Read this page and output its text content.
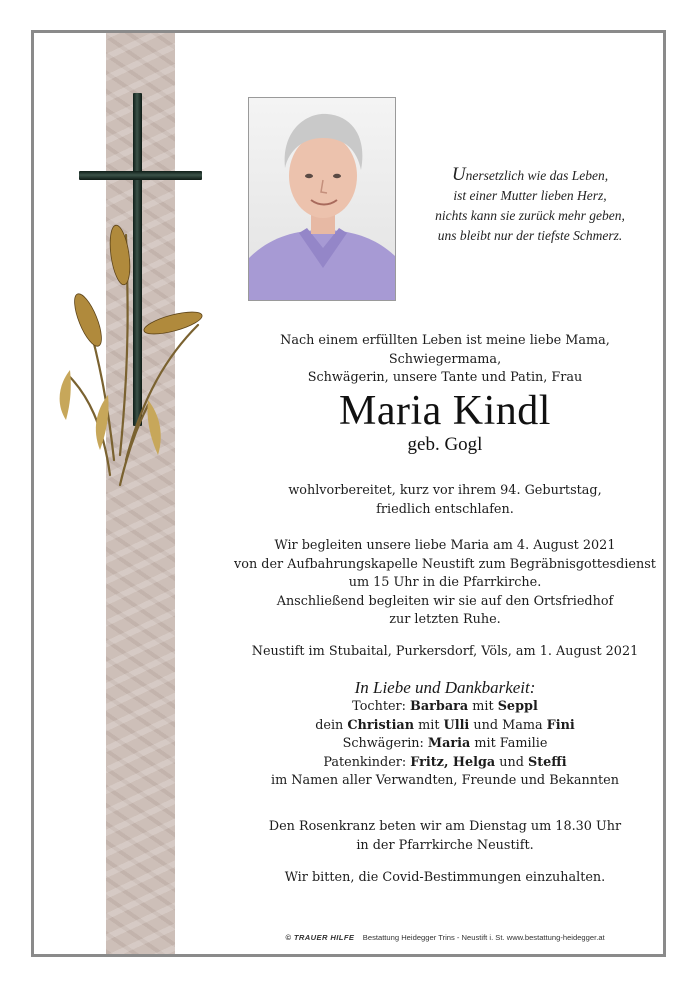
Unersetzlich wie das Leben,
ist einer Mutter lieben Herz,
nichts kann sie zurück mehr geben,
uns bleibt nur der tiefste Schmerz.
Nach einem erfüllten Leben ist meine liebe Mama, Schwiegermama,
Schwägerin, unsere Tante und Patin, Frau
Maria Kindl
geb. Gogl
wohlvorbereitet, kurz vor ihrem 94. Geburtstag,
friedlich entschlafen.
Wir begleiten unsere liebe Maria am 4. August 2021
von der Aufbahrungskapelle Neustift zum Begräbnisgottesdienst
um 15 Uhr in die Pfarrkirche.
Anschließend begleiten wir sie auf den Ortsfriedhof
zur letzten Ruhe.
Neustift im Stubaital, Purkersdorf, Völs, am 1. August 2021
In Liebe und Dankbarkeit:
Tochter: Barbara mit Seppl
dein Christian mit Ulli und Mama Fini
Schwägerin: Maria mit Familie
Patenkinder: Fritz, Helga und Steffi
im Namen aller Verwandten, Freunde und Bekannten
Den Rosenkranz beten wir am Dienstag um 18.30 Uhr
in der Pfarrkirche Neustift.
Wir bitten, die Covid-Bestimmungen einzuhalten.
© TRAUER HILFE Bestattung Heidegger Trins - Neustift i. St. www.bestattung-heidegger.at
